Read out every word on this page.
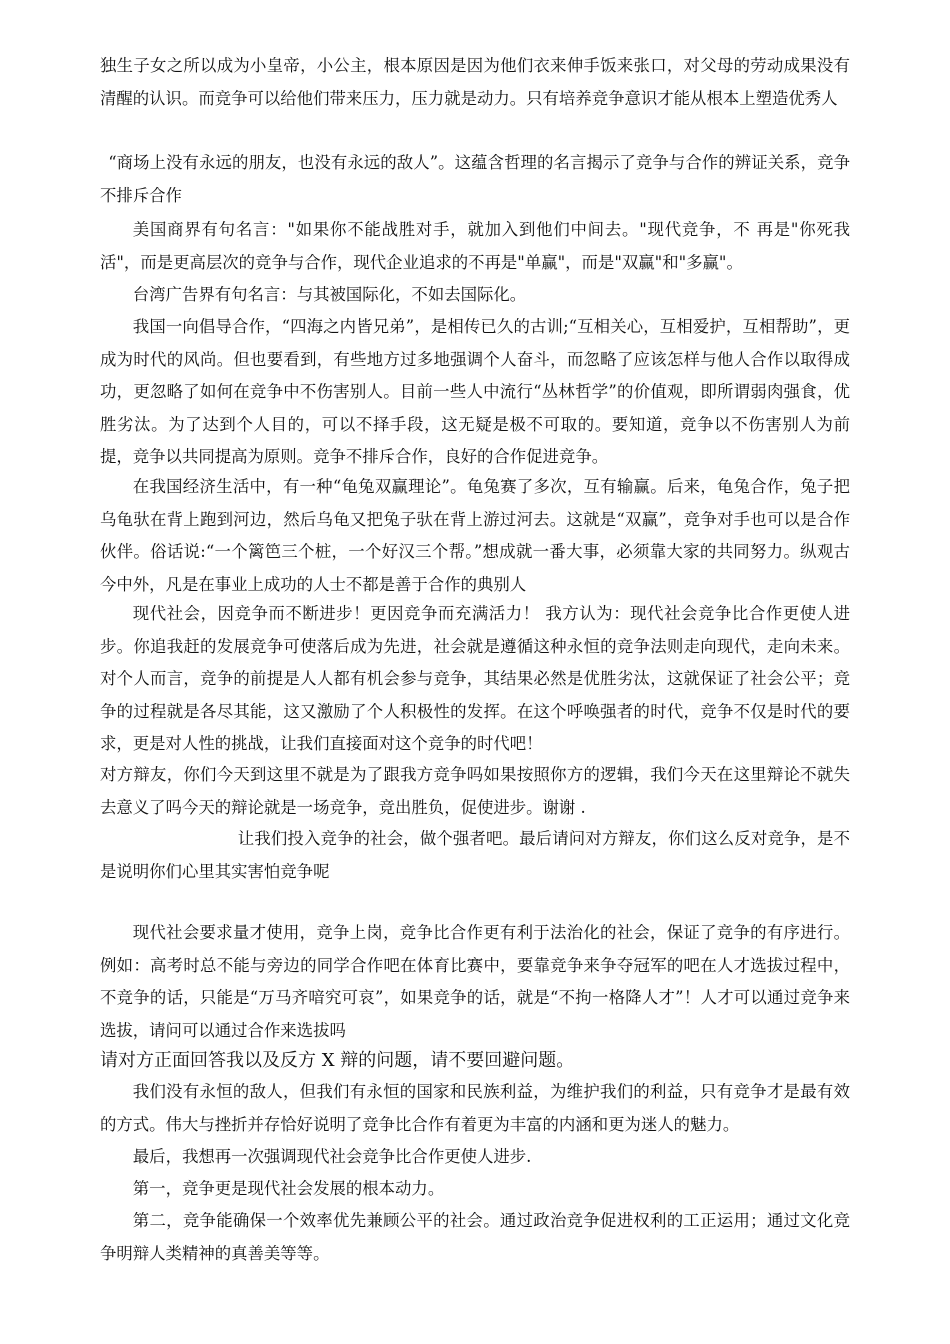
独生子女之所以成为小皇帝，小公主，根本原因是因为他们衣来伸手饭来张口，对父母的劳动成果没有清醒的认识。而竞争可以给他们带来压力，压力就是动力。只有培养竞争意识才能从根本上塑造优秀人

“商场上没有永远的朋友，也没有永远的敌人”。这蕴含哲理的名言揭示了竞争与合作的辨证关系，竞争不排斥合作

美国商界有句名言："如果你不能战胜对手，就加入到他们中间去。"现代竞争，不 再是"你死我活"，而是更高层次的竞争与合作，现代企业追求的不再是"单赢"，而是"双赢"和"多赢"。

台湾广告界有句名言：与其被国际化，不如去国际化。

我国一向倡导合作，“四海之内皆兄弟”，是相传已久的古训;“互相关心，互相爱护，互相帮助”，更成为时代的风尚。但也要看到，有些地方过多地强调个人奋斗，而忽略了应该怎样与他人合作以取得成功，更忽略了如何在竞争中不伤害别人。目前一些人中流行“丛林哲学”的价值观，即所谓弱肉强食，优胜劣汰。为了达到个人目的，可以不择手段，这无疑是极不可取的。要知道，竞争以不伤害别人为前提，竞争以共同提高为原则。竞争不排斥合作，良好的合作促进竞争。

在我国经济生活中，有一种“龟兔双赢理论”。龟兔赛了多次，互有输赢。后来，龟兔合作，兔子把乌龟驮在背上跑到河边，然后乌龟又把兔子驮在背上游过河去。这就是“双赢”，竞争对手也可以是合作伙伴。俗话说:“一个篱笆三个桩，一个好汉三个帮。”想成就一番大事，必须靠大家的共同努力。纵观古今中外，凡是在事业上成功的人士不都是善于合作的典别人

现代社会，因竞争而不断进步！更因竞争而充满活力！ 我方认为：现代社会竞争比合作更使人进步。你追我赶的发展竞争可使落后成为先进，社会就是遵循这种永恒的竞争法则走向现代，走向未来。对个人而言，竞争的前提是人人都有机会参与竞争，其结果必然是优胜劣汰，这就保证了社会公平；竞争的过程就是各尽其能，这又激励了个人积极性的发挥。在这个呼唤强者的时代，竞争不仅是时代的要求，更是对人性的挑战，让我们直接面对这个竞争的时代吧！

对方辩友，你们今天到这里不就是为了跟我方竞争吗如果按照你方的逻辑，我们今天在这里辩论不就失去意义了吗今天的辩论就是一场竞争，竞出胜负，促使进步。谢谢 .

让我们投入竞争的社会，做个强者吧。最后请问对方辩友，你们这么反对竞争，是不是说明你们心里其实害怕竞争呢

现代社会要求量才使用，竞争上岗，竞争比合作更有利于法治化的社会，保证了竞争的有序进行。例如：高考时总不能与旁边的同学合作吧在体育比赛中，要靠竞争来争夺冠军的吧在人才选拔过程中，不竞争的话，只能是“万马齐喑究可哀”，如果竞争的话，就是“不拘一格降人才”！人才可以通过竞争来选拔，请问可以通过合作来选拔吗

请对方正面回答我以及反方 X 辩的问题，请不要回避问题。

我们没有永恒的敌人，但我们有永恒的国家和民族利益，为维护我们的利益，只有竞争才是最有效的方式。伟大与挫折并存恰好说明了竞争比合作有着更为丰富的内涵和更为迷人的魅力。

最后，我想再一次强调现代社会竞争比合作更使人进步.

第一，竞争更是现代社会发展的根本动力。

第二，竞争能确保一个效率优先兼顾公平的社会。通过政治竞争促进权利的工正运用；通过文化竞争明辩人类精神的真善美等等。
